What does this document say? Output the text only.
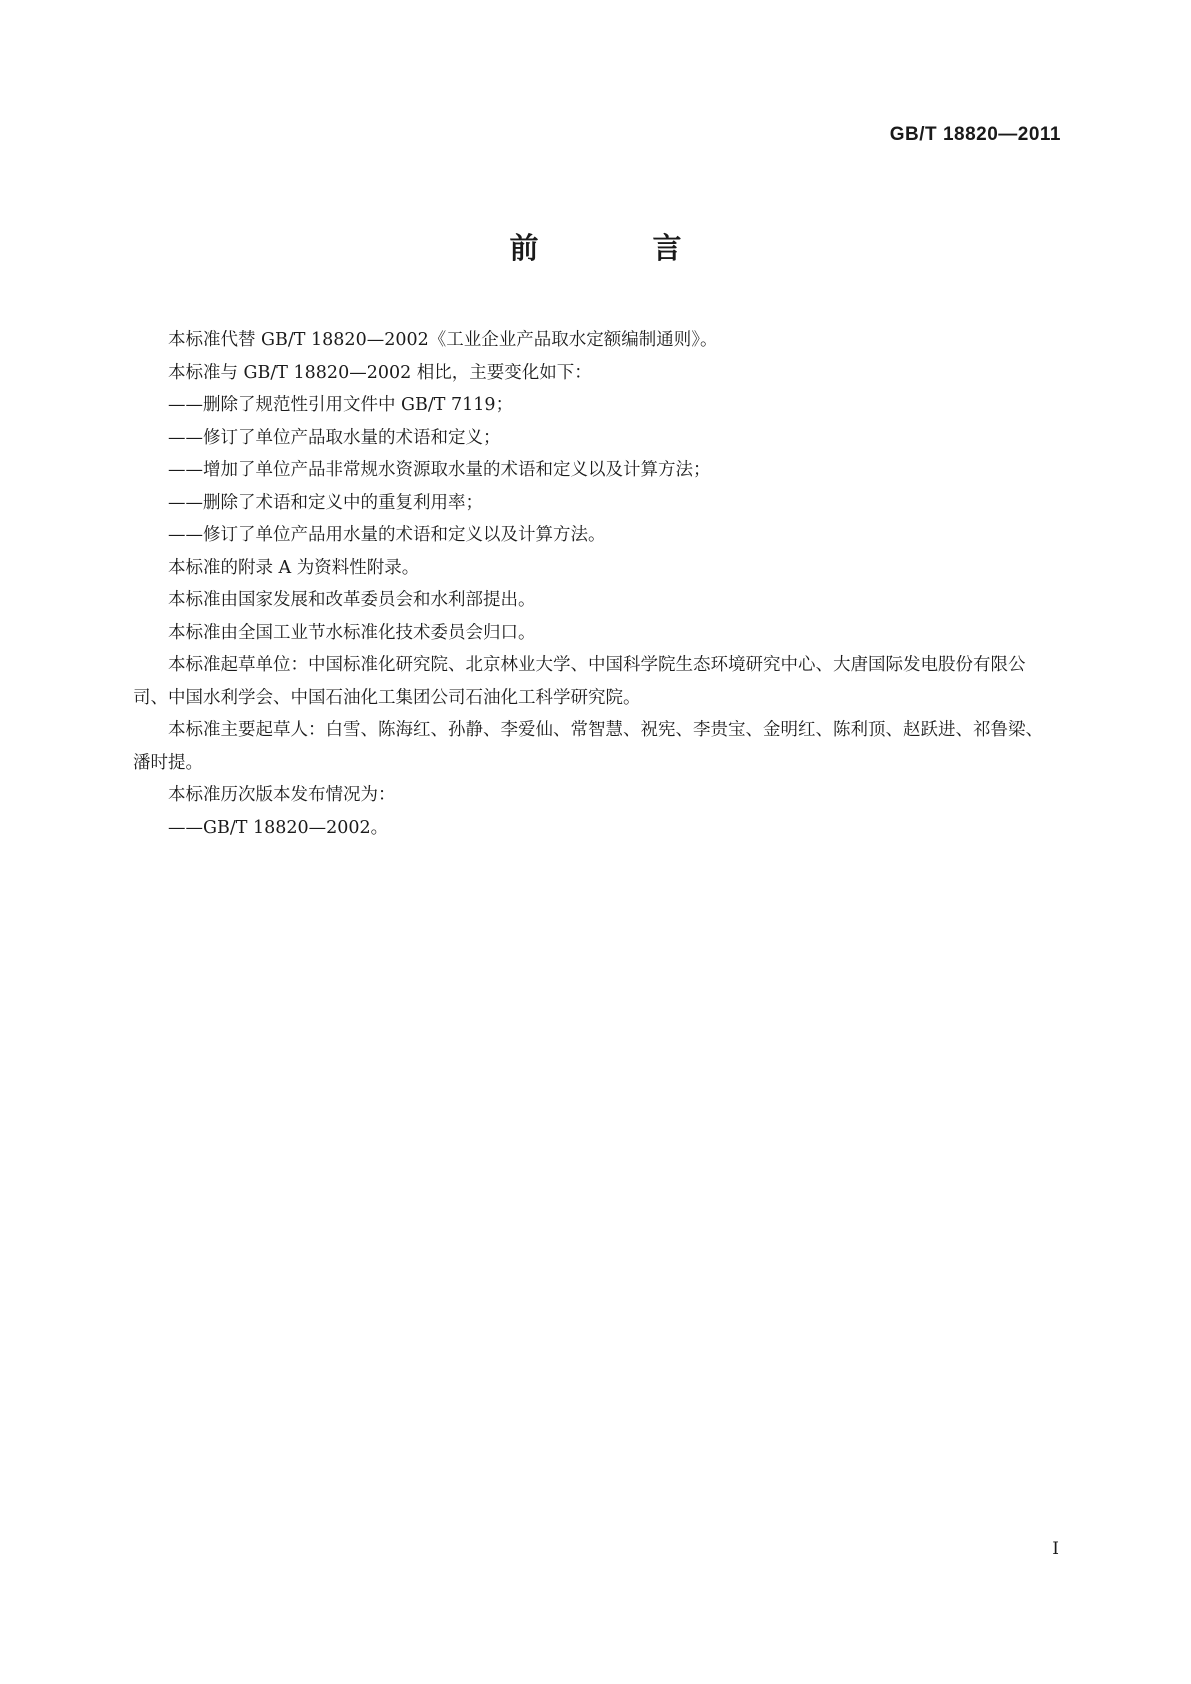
GB/T 18820—2011
前 言

本标准代替 GB/T 18820—2002《工业企业产品取水定额编制通则》。

本标准与 GB/T 18820—2002 相比，主要变化如下：

——删除了规范性引用文件中 GB/T 7119；

——修订了单位产品取水量的术语和定义；

——增加了单位产品非常规水资源取水量的术语和定义以及计算方法；

——删除了术语和定义中的重复利用率；

——修订了单位产品用水量的术语和定义以及计算方法。

本标准的附录 A 为资料性附录。

本标准由国家发展和改革委员会和水利部提出。

本标准由全国工业节水标准化技术委员会归口。

本标准起草单位：中国标准化研究院、北京林业大学、中国科学院生态环境研究中心、大唐国际发电股份有限公司、中国水利学会、中国石油化工集团公司石油化工科学研究院。

本标准主要起草人：白雪、陈海红、孙静、李爱仙、常智慧、祝宪、李贵宝、金明红、陈利顶、赵跃进、祁鲁梁、潘时提。

本标准历次版本发布情况为：

——GB/T 18820—2002。

I
